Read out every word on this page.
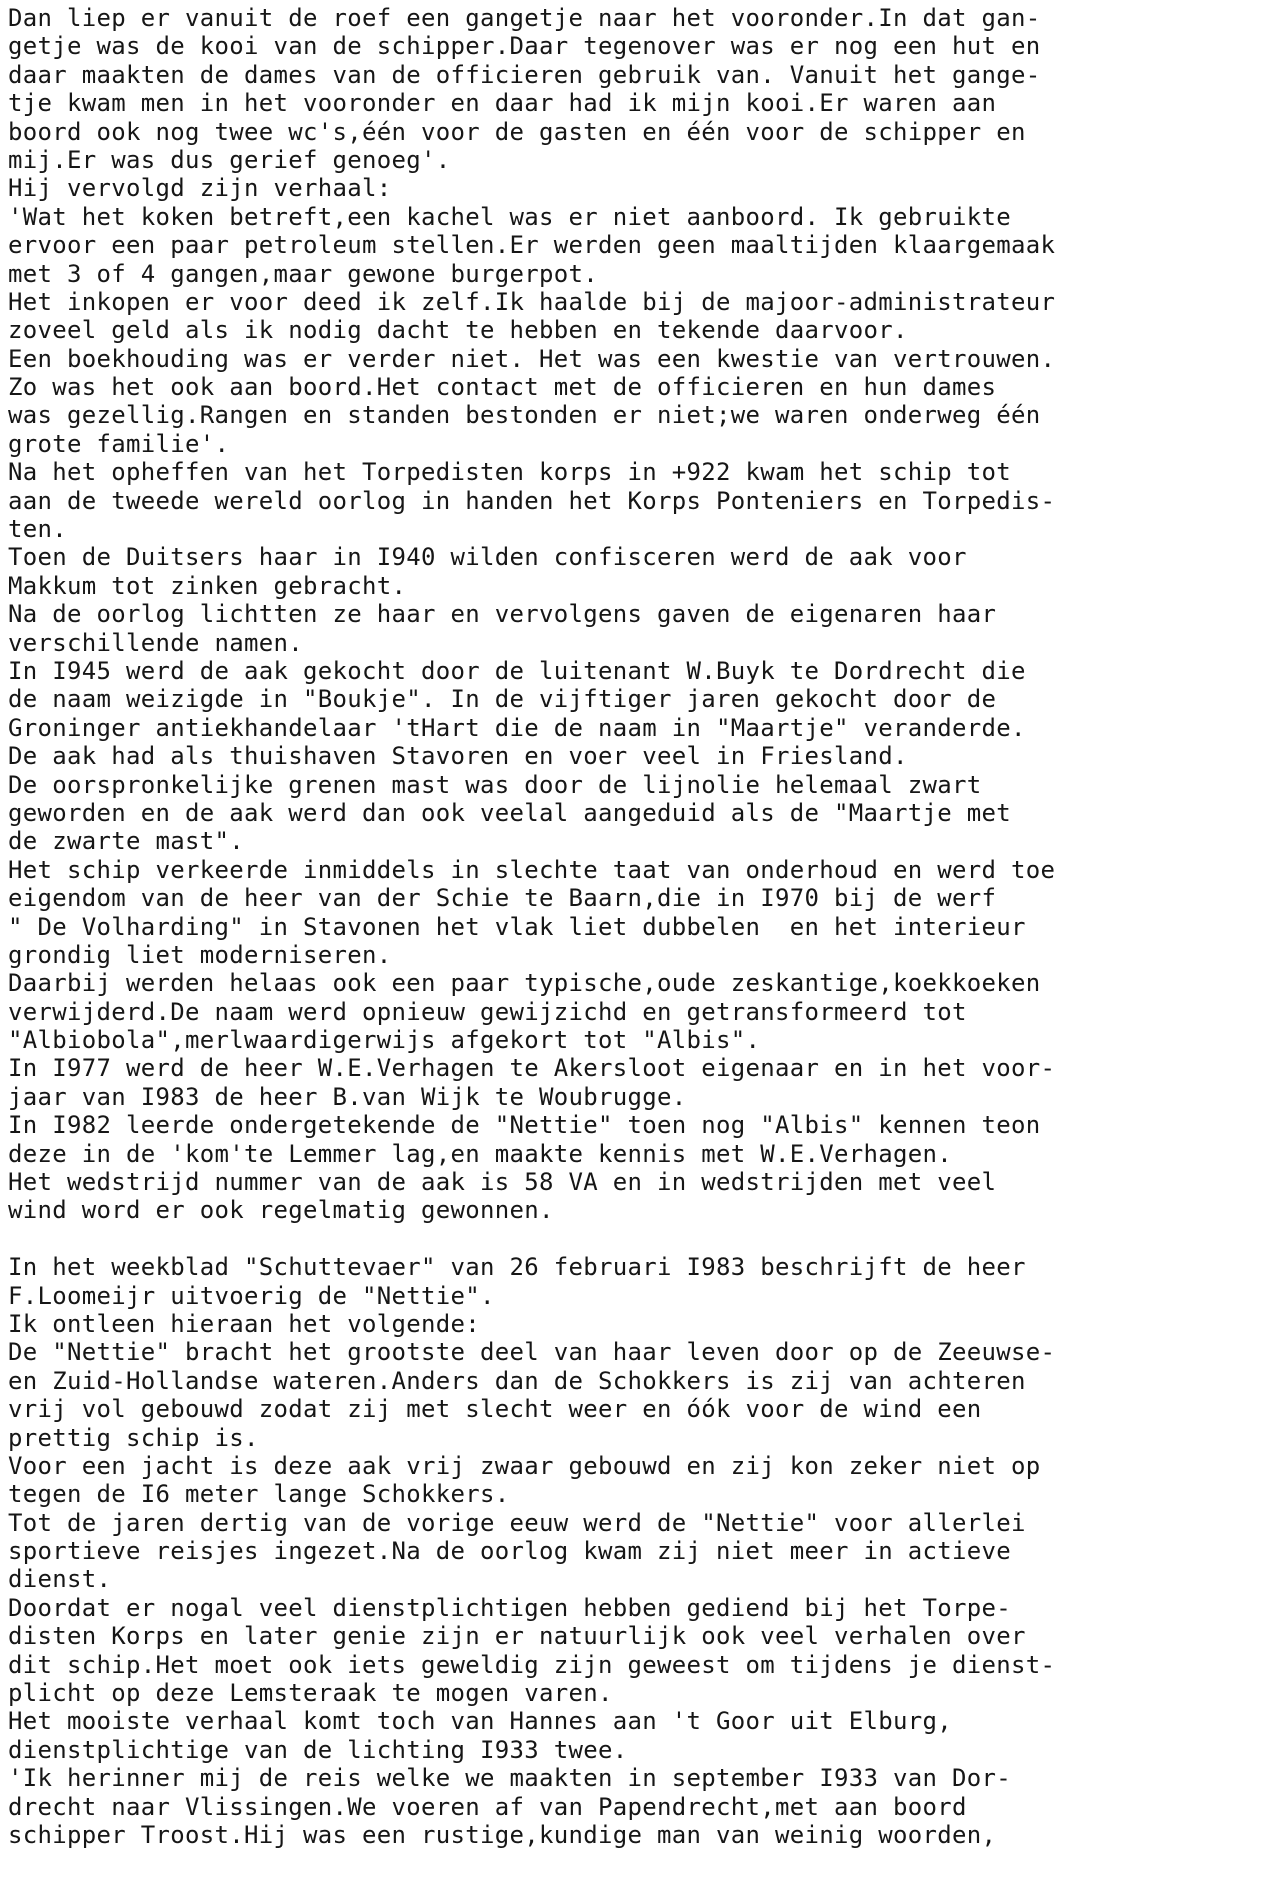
Dan liep er vanuit de roef een gangetje naar het vooronder.In dat gan-
getje was de kooi van de schipper.Daar tegenover was er nog een hut en
daar maakten de dames van de officieren gebruik van. Vanuit het gange-
tje kwam men in het vooronder en daar had ik mijn kooi.Er waren aan
boord ook nog twee wc's,één voor de gasten en één voor de schipper en
mij.Er was dus gerief genoeg'.
Hij vervolgd zijn verhaal:
'Wat het koken betreft,een kachel was er niet aanboord. Ik gebruikte
ervoor een paar petroleum stellen.Er werden geen maaltijden klaargemaak
met 3 of 4 gangen,maar gewone burgerpot.
Het inkopen er voor deed ik zelf.Ik haalde bij de majoor-administrateur
zoveel geld als ik nodig dacht te hebben en tekende daarvoor.
Een boekhouding was er verder niet. Het was een kwestie van vertrouwen.
Zo was het ook aan boord.Het contact met de officieren en hun dames
was gezellig.Rangen en standen bestonden er niet;we waren onderweg één
grote familie'.
Na het opheffen van het Torpedisten korps in +922 kwam het schip tot
aan de tweede wereld oorlog in handen het Korps Ponteniers en Torpedis-
ten.
Toen de Duitsers haar in I940 wilden confisceren werd de aak voor
Makkum tot zinken gebracht.
Na de oorlog lichtten ze haar en vervolgens gaven de eigenaren haar
verschillende namen.
In I945 werd de aak gekocht door de luitenant W.Buyk te Dordrecht die
de naam weizigde in "Boukje". In de vijftiger jaren gekocht door de
Groninger antiekhandelaar 'tHart die de naam in "Maartje" veranderde.
De aak had als thuishaven Stavoren en voer veel in Friesland.
De oorspronkelijke grenen mast was door de lijnolie helemaal zwart
geworden en de aak werd dan ook veelal aangeduid als de "Maartje met
de zwarte mast".
Het schip verkeerde inmiddels in slechte taat van onderhoud en werd toe
eigendom van de heer van der Schie te Baarn,die in I970 bij de werf
" De Volharding" in Stavonen het vlak liet dubbelen  en het interieur
grondig liet moderniseren.
Daarbij werden helaas ook een paar typische,oude zeskantige,koekkoeken
verwijderd.De naam werd opnieuw gewijzichd en getransformeerd tot
"Albiobola",merlwaardigerwijs afgekort tot "Albis".
In I977 werd de heer W.E.Verhagen te Akersloot eigenaar en in het voor-
jaar van I983 de heer B.van Wijk te Woubrugge.
In I982 leerde ondergetekende de "Nettie" toen nog "Albis" kennen teon
deze in de 'kom'te Lemmer lag,en maakte kennis met W.E.Verhagen.
Het wedstrijd nummer van de aak is 58 VA en in wedstrijden met veel
wind word er ook regelmatig gewonnen.
In het weekblad "Schuttevaer" van 26 februari I983 beschrijft de heer
F.Loomeijr uitvoerig de "Nettie".
Ik ontleen hieraan het volgende:
De "Nettie" bracht het grootste deel van haar leven door op de Zeeuwse-
en Zuid-Hollandse wateren.Anders dan de Schokkers is zij van achteren
vrij vol gebouwd zodat zij met slecht weer en óók voor de wind een
prettig schip is.
Voor een jacht is deze aak vrij zwaar gebouwd en zij kon zeker niet op
tegen de I6 meter lange Schokkers.
Tot de jaren dertig van de vorige eeuw werd de "Nettie" voor allerlei
sportieve reisjes ingezet.Na de oorlog kwam zij niet meer in actieve
dienst.
Doordat er nogal veel dienstplichtigen hebben gediend bij het Torpe-
disten Korps en later genie zijn er natuurlijk ook veel verhalen over
dit schip.Het moet ook iets geweldig zijn geweest om tijdens je dienst-
plicht op deze Lemsteraak te mogen varen.
Het mooiste verhaal komt toch van Hannes aan 't Goor uit Elburg,
dienstplichtige van de lichting I933 twee.
'Ik herinner mij de reis welke we maakten in september I933 van Dor-
drecht naar Vlissingen.We voeren af van Papendrecht,met aan boord
schipper Troost.Hij was een rustige,kundige man van weinig woorden,
